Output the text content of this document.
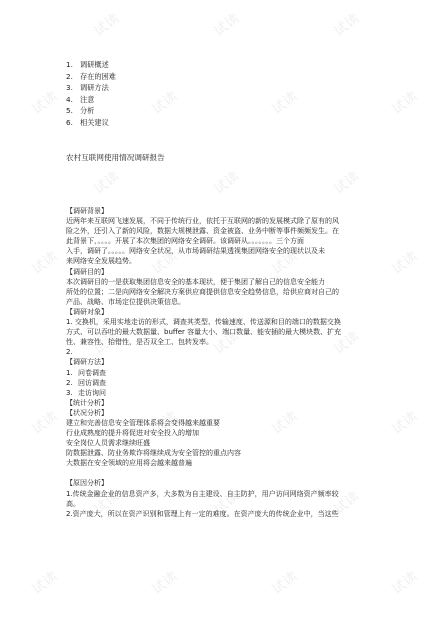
试读	试读	试读
试读	试读	试读	试读
试读	试读	试读
试读	试读	试读	试读
试读	试读	试读
试读	试读	试读	试读
试读	试读	试读
试读	试读	试读	试读
1. 调研概述
2. 存在的困难
3. 调研方法
4. 注意
5. 分析
6. 相关建议
农村互联网使用情况调研报告

【调研背景】

近两年来互联网飞速发展，不同于传统行业，依托于互联网的新的发展模式除了原有的风

险之外，还引入了新的风险，数据大规模泄露、资金被盗、业务中断等事件频频发生。在

此背景下，。。。。开展了本次集团的网络安全调研。该调研从。。。。。。。三个方面

入手，调研了。。。。。网络安全状况，从市场调研结果透视集团网络安全的现状以及未

来网络安全发展趋势。

【调研目的】

本次调研目的一是获取集团信息安全的基本现状，便于集团了解自己的信息安全能力

所处的位置；二是向网络安全解决方案供应商提供信息安全趋势信息，给供应商对自己的

产品、战略、市场定位提供决策信息。

【调研对象】

1. 交换机，采用实地走访的形式，调查其类型、传输速度、传送源和目的端口的数据交换

方式、可以吞吐的最大数据量、buffer 容量大小、端口数量、能安插的最大模块数、扩充

性、兼容性、抬错性，是否双全工、包转发率。

2.

【调研方法】

1. 问卷调查

2. 回访调查

3. 走访询问

【统计分析】

【状况分析】

建立和完善信息安全管理体系将会变得越来越重要

行业成熟度的提升将促进对安全投入的增加

安全岗位人员需求继续旺盛

防数据泄露、防业务欺诈将继续成为安全管控的重点内容

大数据在安全领域的应用将会越来越普遍

【原因分析】

1.传统金融企业的信息资产多，大多数为自主建设、自主防护，用户访问网络资产频率较

高。

2.资产庞大，所以在资产识别和管理上有一定的难度。在资产庞大的传统企业中，当这些
